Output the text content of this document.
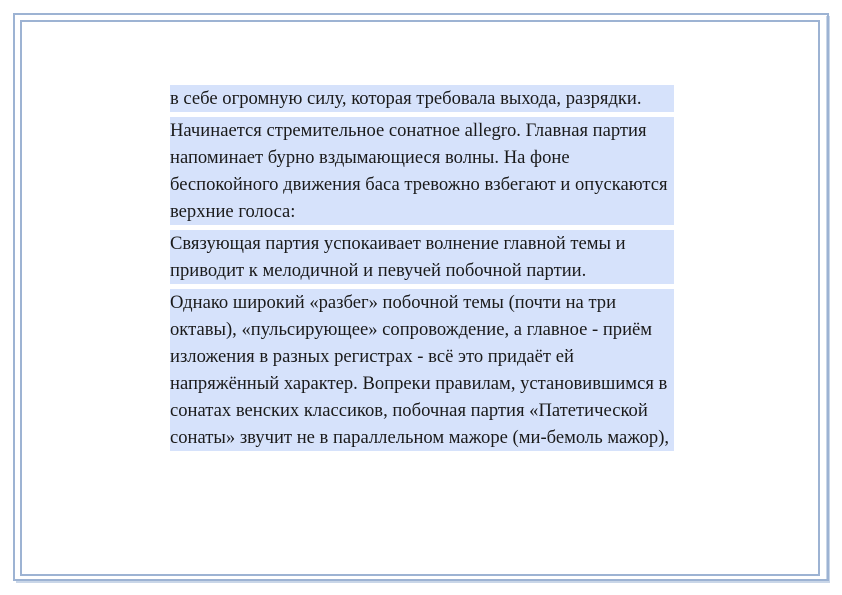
в себе огромную силу, которая требовала выхода, разрядки.

Начинается стремительное сонатное allegro. Главная партия напоминает бурно вздымающиеся волны. На фоне беспокойного движения баса тревожно взбегают и опускаются верхние голоса:

Связующая партия успокаивает волнение главной темы и приводит к мелодичной и певучей побочной партии.

Однако широкий «разбег» побочной темы (почти на три октавы), «пульсирующее» сопровождение, а главное - приём изложения в разных регистрах - всё это придаёт ей напряжённый характер. Вопреки правилам, установившимся в сонатах венских классиков, побочная партия «Патетической сонаты» звучит не в параллельном мажоре (ми-бемоль мажор),
